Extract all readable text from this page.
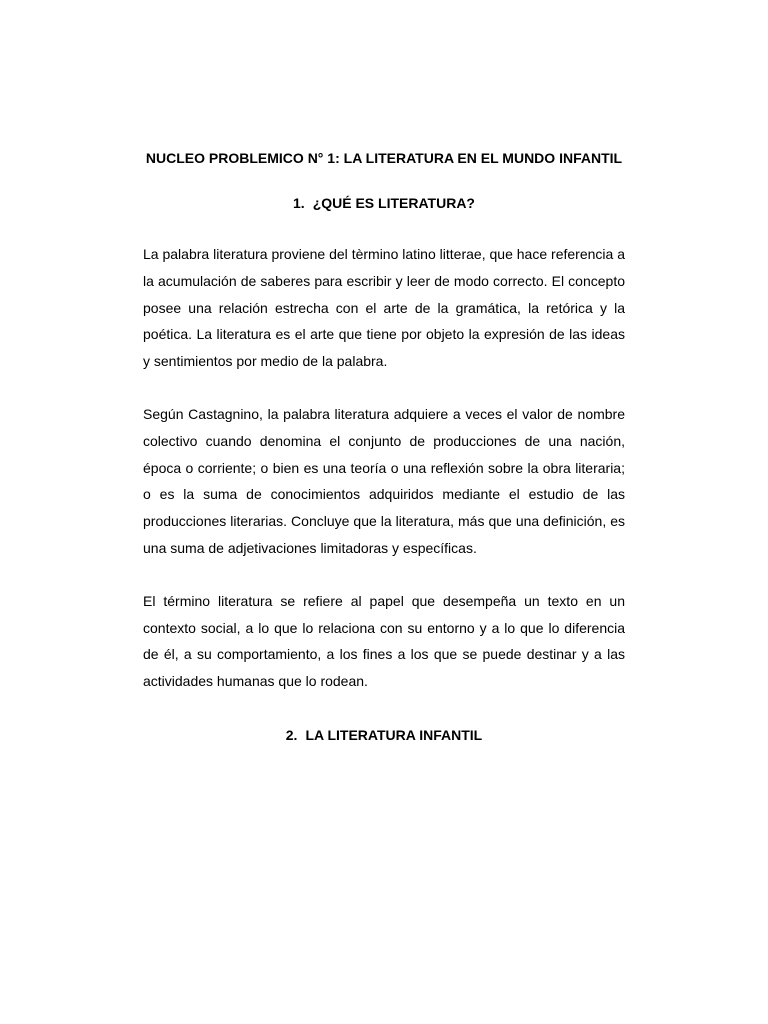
NUCLEO PROBLEMICO N° 1: LA LITERATURA EN EL MUNDO INFANTIL
1. ¿QUÉ ES LITERATURA?

La palabra literatura proviene del tèrmino latino litterae, que hace referencia a la acumulación de saberes para escribir y leer de modo correcto. El concepto posee una relación estrecha con el arte de la gramática, la retórica y la poética. La literatura es el arte que tiene por objeto la expresión de las ideas y sentimientos por medio de la palabra.

Según Castagnino, la palabra literatura adquiere a veces el valor de nombre colectivo cuando denomina el conjunto de producciones de una nación, época o corriente; o bien es una teoría o una reflexión sobre la obra literaria; o es la suma de conocimientos adquiridos mediante el estudio de las producciones literarias. Concluye que la literatura, más que una definición, es una suma de adjetivaciones limitadoras y específicas.

El término literatura se refiere al papel que desempeña un texto en un contexto social, a lo que lo relaciona con su entorno y a lo que lo diferencia de él, a su comportamiento, a los fines a los que se puede destinar y a las actividades humanas que lo rodean.

2. LA LITERATURA INFANTIL
